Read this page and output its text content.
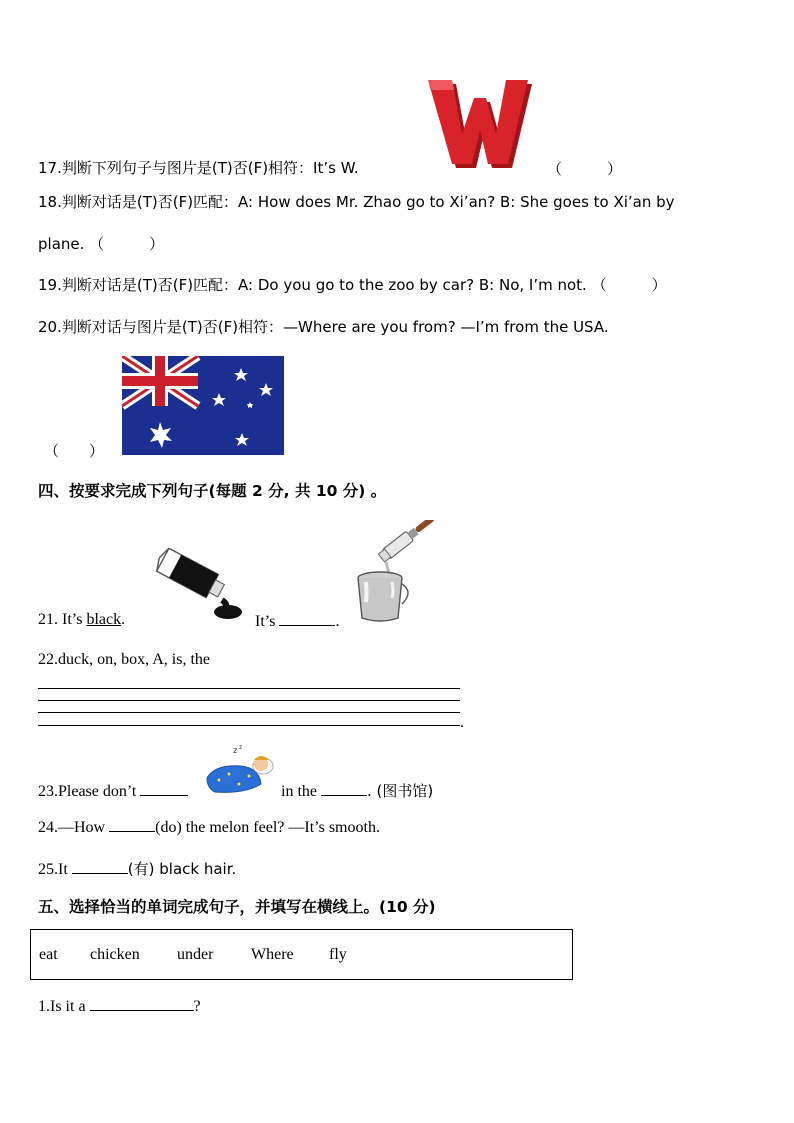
17.判断下列句子与图片是(T)否(F)相符：It’s W.
W
（　　　）
18.判断对话是(T)否(F)匹配：A: How does Mr. Zhao go to Xi’an? B: She goes to Xi’an by
plane. （　　　）
19.判断对话是(T)否(F)匹配：A: Do you go to the zoo by car? B: No, I’m not. （　　　）
20.判断对话与图片是(T)否(F)相符：—Where are you from? —I’m from the USA.
（　　）
四、按要求完成下列句子(每题 2 分, 共 10 分) 。
21. It’s black.	It’s	.
22.duck, on, box, A, is, the
.
z z
23.Please don’t	in the	. (图书馆)
24.—How	(do) the melon feel? —It’s smooth.
25.It	(有) black hair.
五、选择恰当的单词完成句子，并填写在横线上。(10 分)
eat chicken under Where fly
1.Is it a	?
